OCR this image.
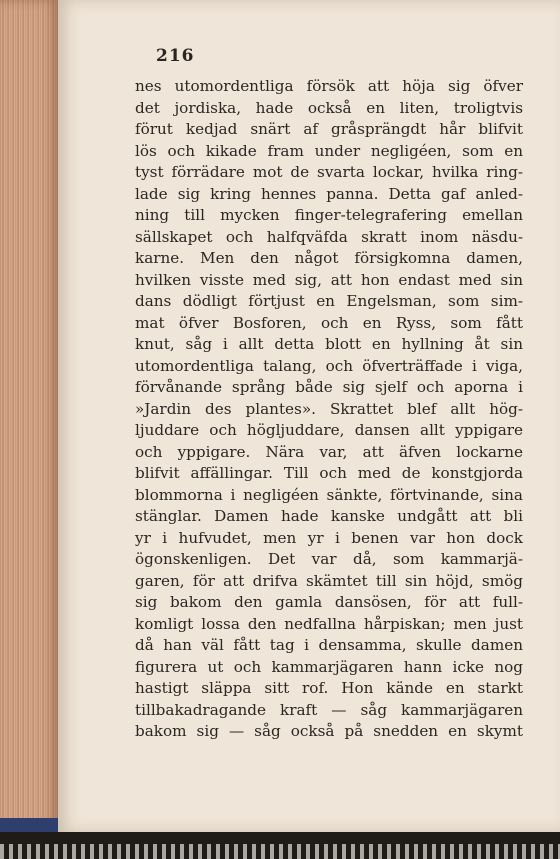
216
nes utomordentliga försök att höja sig öfver
det jordiska, hade också en liten, troligtvis
förut kedjad snärt af gråsprängdt hår blifvit
lös och kikade fram under negligéen, som en
tyst förrädare mot de svarta lockar, hvilka ring-
lade sig kring hennes panna. Detta gaf anled-
ning till mycken finger-telegrafering emellan
sällskapet och halfqväfda skratt inom näsdu-
karne. Men den något försigkomna damen,
hvilken visste med sig, att hon endast med sin
dans dödligt förtjust en Engelsman, som sim-
mat öfver Bosforen, och en Ryss, som fått
knut, såg i allt detta blott en hyllning åt sin
utomordentliga talang, och öfverträffade i viga,
förvånande språng både sig sjelf och aporna i
»Jardin des plantes». Skrattet blef allt hög-
ljuddare och högljuddare, dansen allt yppigare
och yppigare. Nära var, att äfven lockarne
blifvit affällingar. Till och med de konstgjorda
blommorna i negligéen sänkte, förtvinande, sina
stänglar. Damen hade kanske undgått att bli
yr i hufvudet, men yr i benen var hon dock
ögonskenligen. Det var då, som kammarjä-
garen, för att drifva skämtet till sin höjd, smög
sig bakom den gamla dansösen, för att full-
komligt lossa den nedfallna hårpiskan; men just
då han väl fått tag i densamma, skulle damen
figurera ut och kammarjägaren hann icke nog
hastigt släppa sitt rof. Hon kände en starkt
tillbakadragande kraft — såg kammarjägaren
bakom sig — såg också på snedden en skymt
